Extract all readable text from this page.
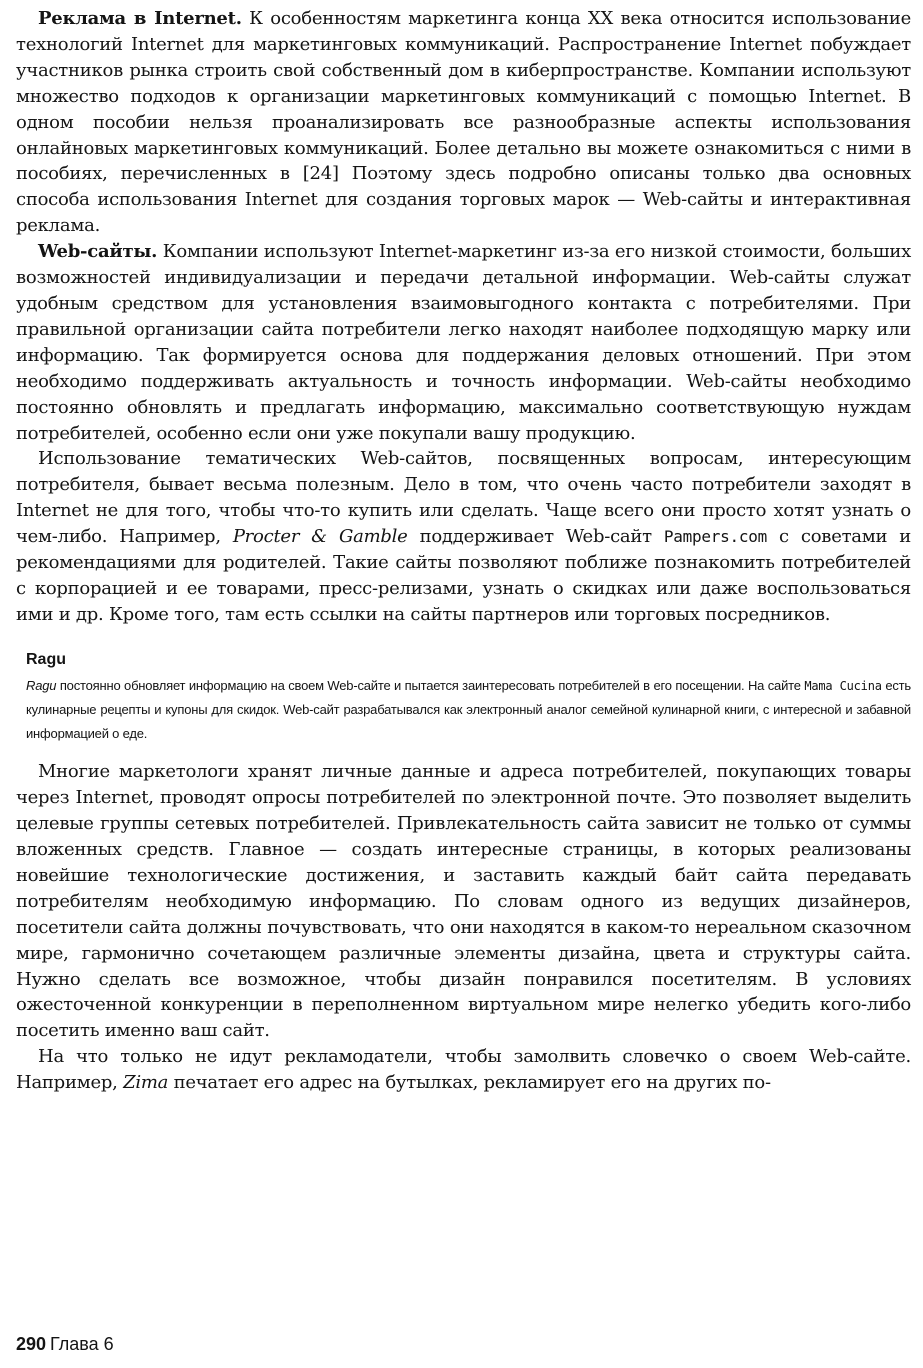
Реклама в Internet. К особенностям маркетинга конца XX века относится использование технологий Internet для маркетинговых коммуникаций. Распространение Internet побуждает участников рынка строить свой собственный дом в киберпространстве. Компании используют множество подходов к организации маркетинговых коммуникаций с помощью Internet. В одном пособии нельзя проанализировать все разнообразные аспекты использования онлайновых маркетинговых коммуникаций. Более детально вы можете ознакомиться с ними в пособиях, перечисленных в [24] Поэтому здесь подробно описаны только два основных способа использования Internet для создания торговых марок — Web-сайты и интерактивная реклама.

Web-сайты. Компании используют Internet-маркетинг из-за его низкой стоимости, больших возможностей индивидуализации и передачи детальной информации. Web-сайты служат удобным средством для установления взаимовыгодного контакта с потребителями. При правильной организации сайта потребители легко находят наиболее подходящую марку или информацию. Так формируется основа для поддержания деловых отношений. При этом необходимо поддерживать актуальность и точность информации. Web-сайты необходимо постоянно обновлять и предлагать информацию, максимально соответствующую нуждам потребителей, особенно если они уже покупали вашу продукцию.

Использование тематических Web-сайтов, посвященных вопросам, интересующим потребителя, бывает весьма полезным. Дело в том, что очень часто потребители заходят в Internet не для того, чтобы что-то купить или сделать. Чаще всего они просто хотят узнать о чем-либо. Например, Procter & Gamble поддерживает Web-сайт Pampers.com с советами и рекомендациями для родителей. Такие сайты позволяют поближе познакомить потребителей с корпорацией и ее товарами, пресс-релизами, узнать о скидках или даже воспользоваться ими и др. Кроме того, там есть ссылки на сайты партнеров или торговых посредников.

Ragu

Ragu постоянно обновляет информацию на своем Web-сайте и пытается заинтересовать потребителей в его посещении. На сайте Mama Cucina есть кулинарные рецепты и купоны для скидок. Web-сайт разрабатывался как электронный аналог семейной кулинарной книги, с интересной и забавной информацией о еде.

Многие маркетологи хранят личные данные и адреса потребителей, покупающих товары через Internet, проводят опросы потребителей по электронной почте. Это позволяет выделить целевые группы сетевых потребителей. Привлекательность сайта зависит не только от суммы вложенных средств. Главное — создать интересные страницы, в которых реализованы новейшие технологические достижения, и заставить каждый байт сайта передавать потребителям необходимую информацию. По словам одного из ведущих дизайнеров, посетители сайта должны почувствовать, что они находятся в каком-то нереальном сказочном мире, гармонично сочетающем различные элементы дизайна, цвета и структуры сайта. Нужно сделать все возможное, чтобы дизайн понравился посетителям. В условиях ожесточенной конкуренции в переполненном виртуальном мире нелегко убедить кого-либо посетить именно ваш сайт.

На что только не идут рекламодатели, чтобы замолвить словечко о своем Web-сайте. Например, Zima печатает его адрес на бутылках, рекламирует его на других по-

290 Глава 6
